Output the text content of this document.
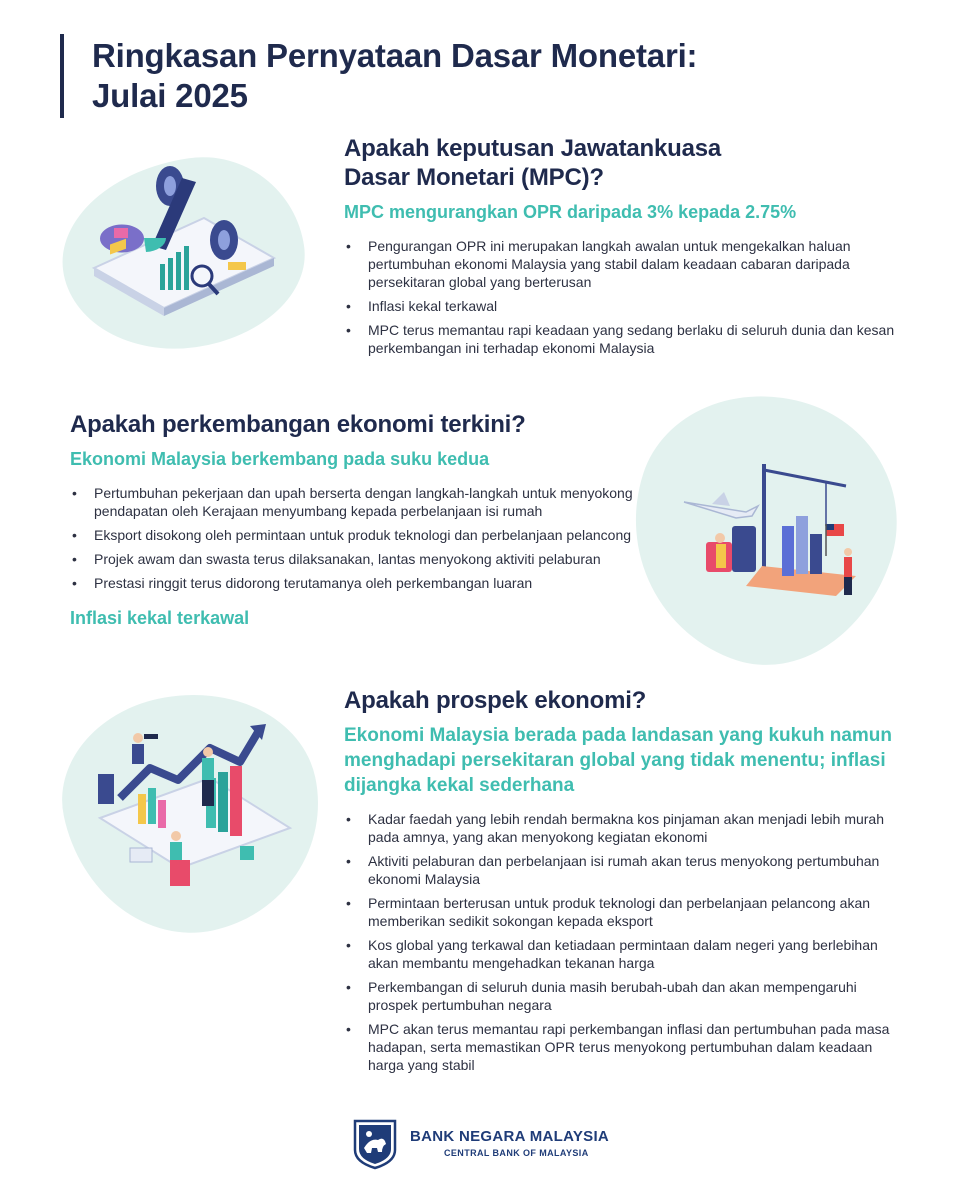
Ringkasan Pernyataan Dasar Monetari:
Julai 2025
Apakah keputusan Jawatankuasa
Dasar Monetari (MPC)?

MPC mengurangkan OPR daripada 3% kepada 2.75%

• Pengurangan OPR ini merupakan langkah awalan untuk mengekalkan haluan pertumbuhan ekonomi Malaysia yang stabil dalam keadaan cabaran daripada persekitaran global yang berterusan
• Inflasi kekal terkawal
• MPC terus memantau rapi keadaan yang sedang berlaku di seluruh dunia dan kesan perkembangan ini terhadap ekonomi Malaysia
Apakah perkembangan ekonomi terkini?

Ekonomi Malaysia berkembang pada suku kedua

• Pertumbuhan pekerjaan dan upah berserta dengan langkah-langkah untuk menyokong pendapatan oleh Kerajaan menyumbang kepada perbelanjaan isi rumah
• Eksport disokong oleh permintaan untuk produk teknologi dan perbelanjaan pelancong
• Projek awam dan swasta terus dilaksanakan, lantas menyokong aktiviti pelaburan
• Prestasi ringgit terus didorong terutamanya oleh perkembangan luaran

Inflasi kekal terkawal

Apakah prospek ekonomi?

Ekonomi Malaysia berada pada landasan yang kukuh namun menghadapi persekitaran global yang tidak menentu; inflasi dijangka kekal sederhana

• Kadar faedah yang lebih rendah bermakna kos pinjaman akan menjadi lebih murah pada amnya, yang akan menyokong kegiatan ekonomi
• Aktiviti pelaburan dan perbelanjaan isi rumah akan terus menyokong pertumbuhan ekonomi Malaysia
• Permintaan berterusan untuk produk teknologi dan perbelanjaan pelancong akan memberikan sedikit sokongan kepada eksport
• Kos global yang terkawal dan ketiadaan permintaan dalam negeri yang berlebihan akan membantu mengehadkan tekanan harga
• Perkembangan di seluruh dunia masih berubah-ubah dan akan mempengaruhi prospek pertumbuhan negara
• MPC akan terus memantau rapi perkembangan inflasi dan pertumbuhan pada masa hadapan, serta memastikan OPR terus menyokong pertumbuhan dalam keadaan harga yang stabil
BANK NEGARA MALAYSIA
CENTRAL BANK OF MALAYSIA
